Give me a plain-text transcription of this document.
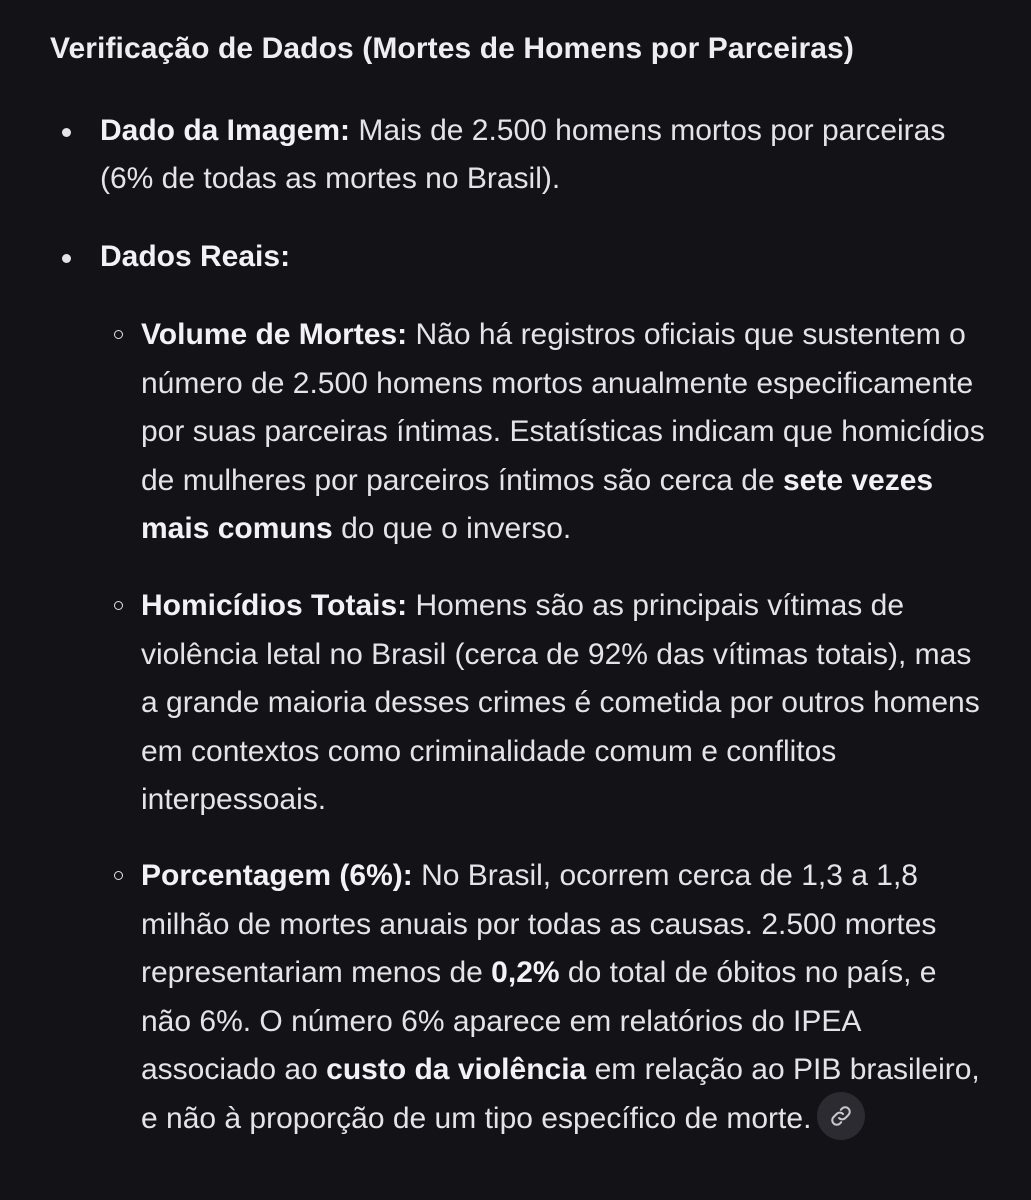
Verificação de Dados (Mortes de Homens por Parceiras)
Dado da Imagem: Mais de 2.500 homens mortos por parceiras (6% de todas as mortes no Brasil).
Dados Reais:
Volume de Mortes: Não há registros oficiais que sustentem o número de 2.500 homens mortos anualmente especificamente por suas parceiras íntimas. Estatísticas indicam que homicídios de mulheres por parceiros íntimos são cerca de sete vezes mais comuns do que o inverso.
Homicídios Totais: Homens são as principais vítimas de violência letal no Brasil (cerca de 92% das vítimas totais), mas a grande maioria desses crimes é cometida por outros homens em contextos como criminalidade comum e conflitos interpessoais.
Porcentagem (6%): No Brasil, ocorrem cerca de 1,3 a 1,8 milhão de mortes anuais por todas as causas. 2.500 mortes representariam menos de 0,2% do total de óbitos no país, e não 6%. O número 6% aparece em relatórios do IPEA associado ao custo da violência em relação ao PIB brasileiro, e não à proporção de um tipo específico de morte.
